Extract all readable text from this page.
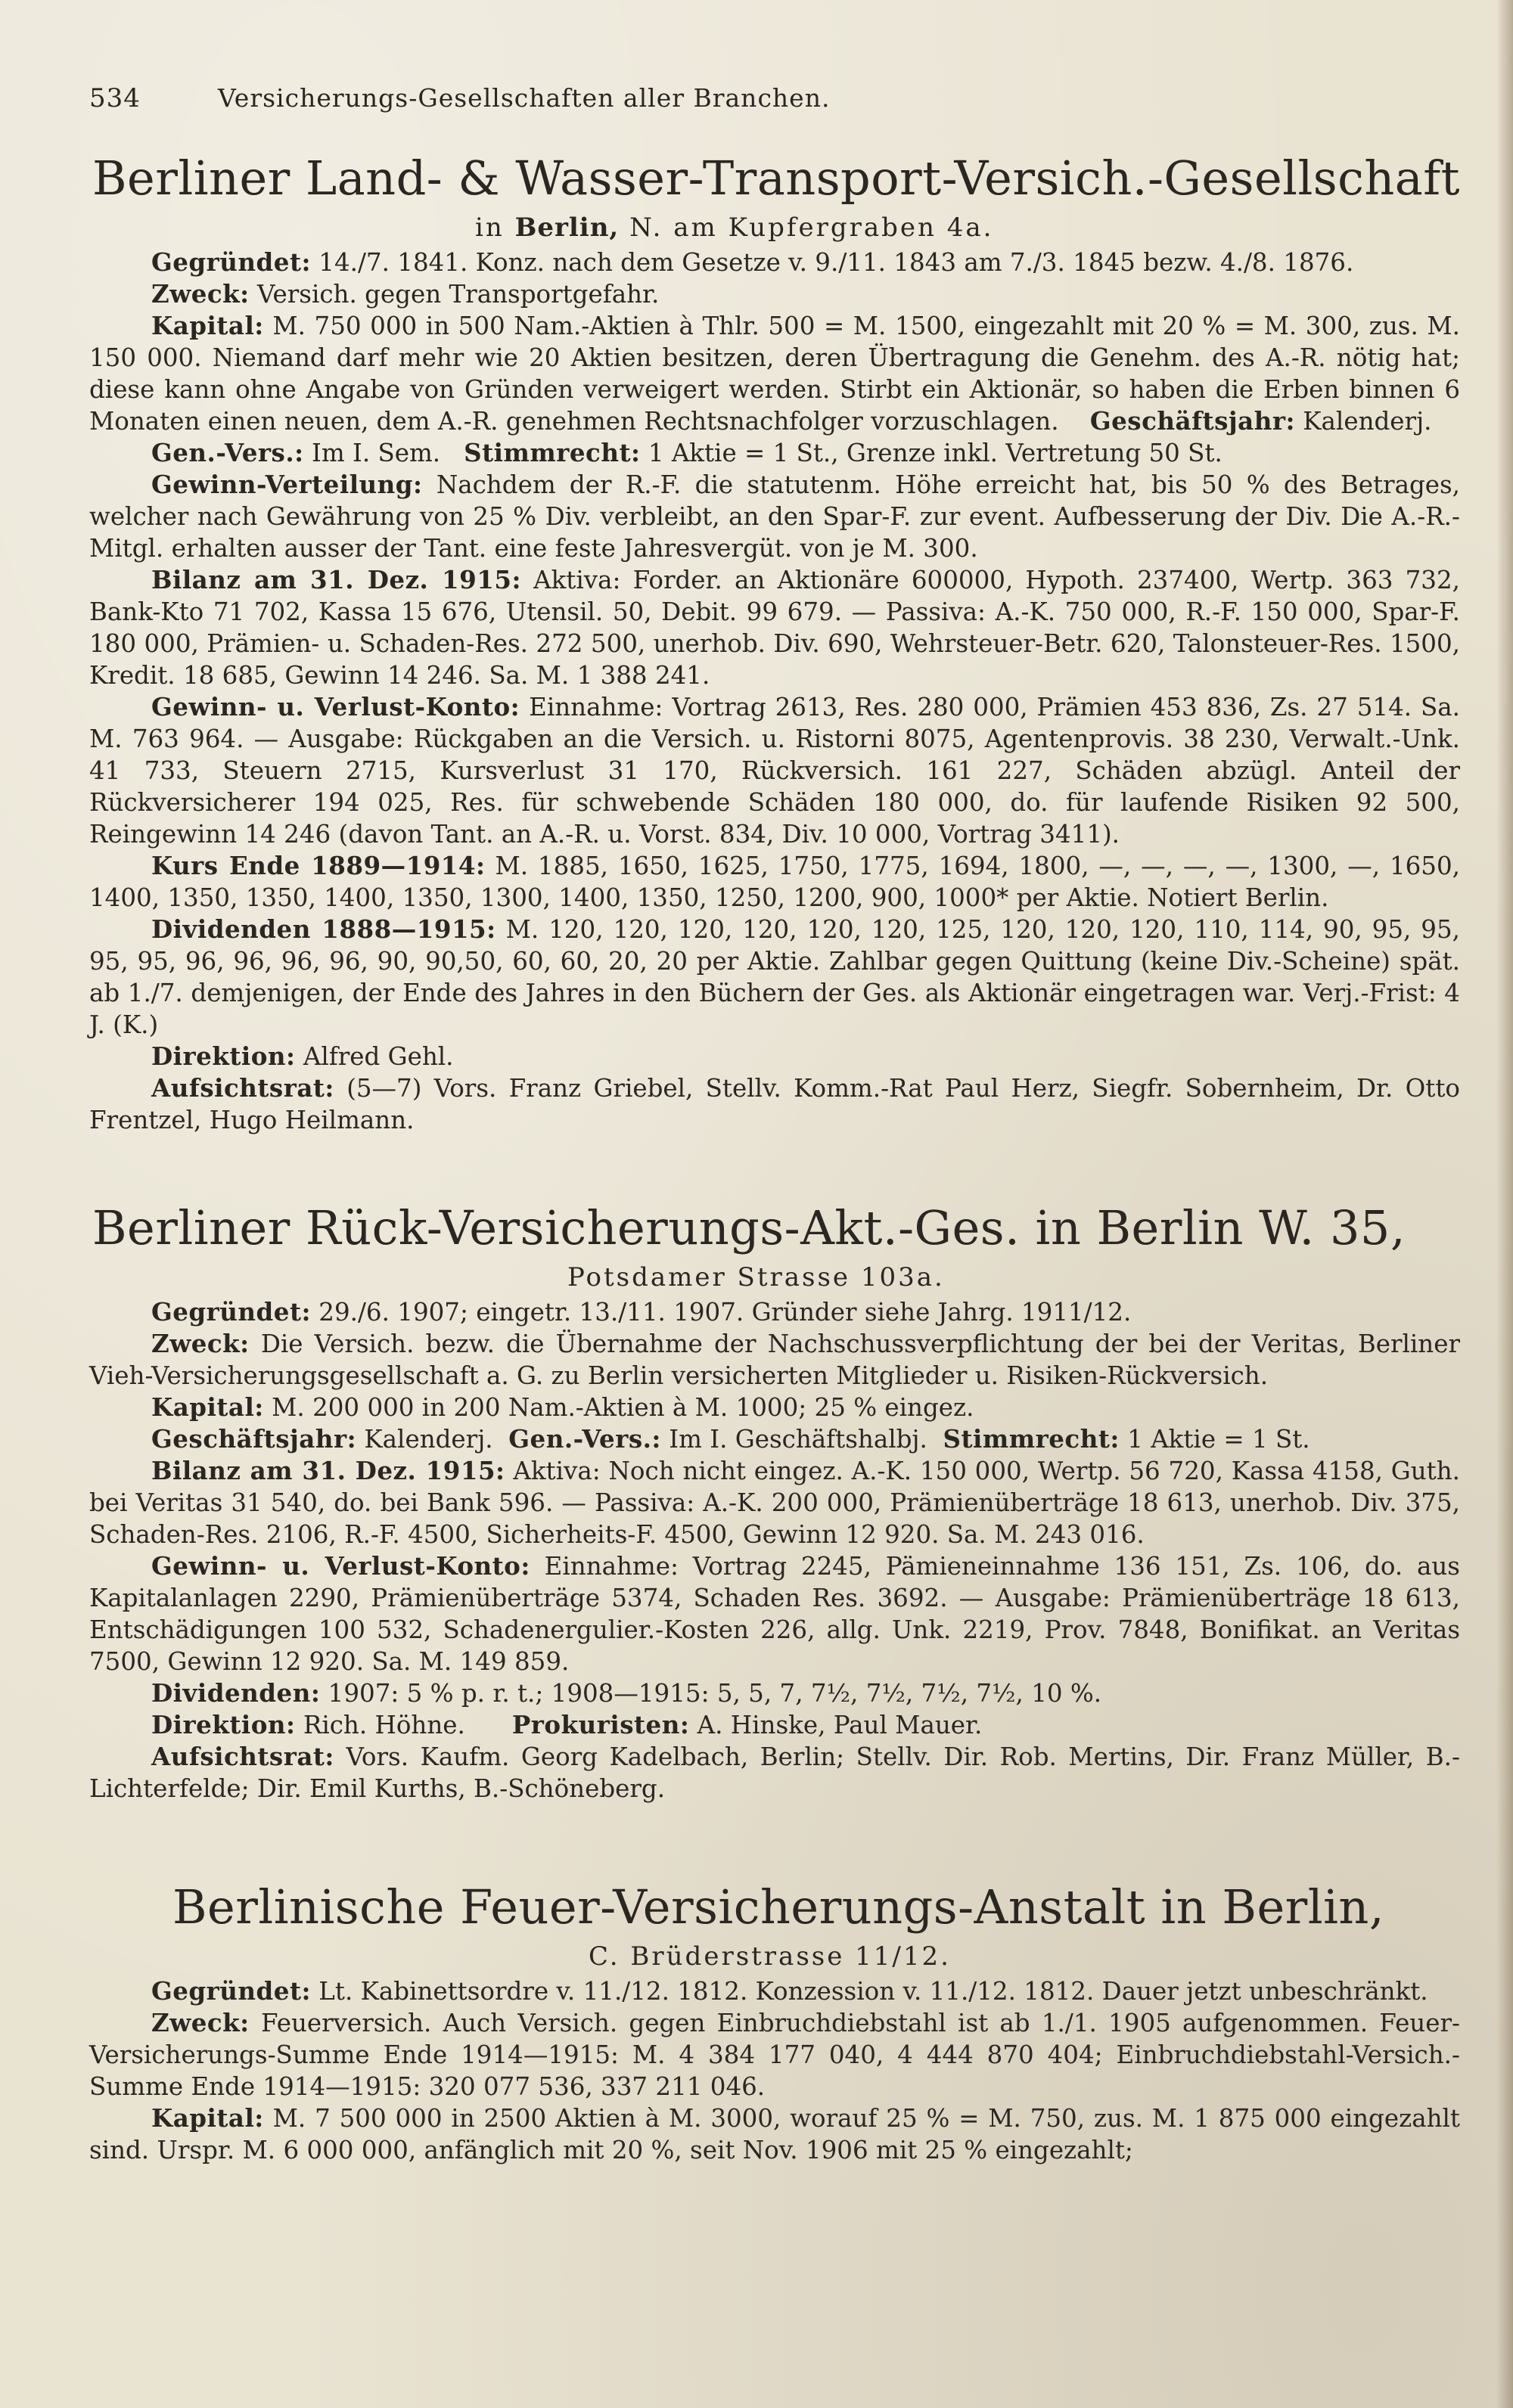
534	Versicherungs-Gesellschaften aller Branchen.
Berliner Land- & Wasser-Transport-Versich.-Gesellschaft
in Berlin, N. am Kupfergraben 4a.

Gegründet: 14./7. 1841. Konz. nach dem Gesetze v. 9./11. 1843 am 7./3. 1845 bezw. 4./8. 1876.

Zweck: Versich. gegen Transportgefahr.

Kapital: M. 750 000 in 500 Nam.-Aktien à Thlr. 500 = M. 1500, eingezahlt mit 20 % = M. 300, zus. M. 150 000. Niemand darf mehr wie 20 Aktien besitzen, deren Übertragung die Genehm. des A.-R. nötig hat; diese kann ohne Angabe von Gründen verweigert werden. Stirbt ein Aktionär, so haben die Erben binnen 6 Monaten einen neuen, dem A.-R. genehmen Rechtsnachfolger vorzuschlagen. Geschäftsjahr: Kalenderj.

Gen.-Vers.: Im I. Sem. Stimmrecht: 1 Aktie = 1 St., Grenze inkl. Vertretung 50 St.

Gewinn-Verteilung: Nachdem der R.-F. die statutenm. Höhe erreicht hat, bis 50 % des Betrages, welcher nach Gewährung von 25 % Div. verbleibt, an den Spar-F. zur event. Aufbesserung der Div. Die A.-R.-Mitgl. erhalten ausser der Tant. eine feste Jahresvergüt. von je M. 300.

Bilanz am 31. Dez. 1915: Aktiva: Forder. an Aktionäre 600000, Hypoth. 237400, Wertp. 363 732, Bank-Kto 71 702, Kassa 15 676, Utensil. 50, Debit. 99 679. — Passiva: A.-K. 750 000, R.-F. 150 000, Spar-F. 180 000, Prämien- u. Schaden-Res. 272 500, unerhob. Div. 690, Wehrsteuer-Betr. 620, Talonsteuer-Res. 1500, Kredit. 18 685, Gewinn 14 246. Sa. M. 1 388 241.

Gewinn- u. Verlust-Konto: Einnahme: Vortrag 2613, Res. 280 000, Prämien 453 836, Zs. 27 514. Sa. M. 763 964. — Ausgabe: Rückgaben an die Versich. u. Ristorni 8075, Agentenprovis. 38 230, Verwalt.-Unk. 41 733, Steuern 2715, Kursverlust 31 170, Rückversich. 161 227, Schäden abzügl. Anteil der Rückversicherer 194 025, Res. für schwebende Schäden 180 000, do. für laufende Risiken 92 500, Reingewinn 14 246 (davon Tant. an A.-R. u. Vorst. 834, Div. 10 000, Vortrag 3411).

Kurs Ende 1889—1914: M. 1885, 1650, 1625, 1750, 1775, 1694, 1800, —, —, —, —, 1300, —, 1650, 1400, 1350, 1350, 1400, 1350, 1300, 1400, 1350, 1250, 1200, 900, 1000* per Aktie. Notiert Berlin.

Dividenden 1888—1915: M. 120, 120, 120, 120, 120, 120, 125, 120, 120, 120, 110, 114, 90, 95, 95, 95, 95, 96, 96, 96, 96, 90, 90,50, 60, 60, 20, 20 per Aktie. Zahlbar gegen Quittung (keine Div.-Scheine) spät. ab 1./7. demjenigen, der Ende des Jahres in den Büchern der Ges. als Aktionär eingetragen war. Verj.-Frist: 4 J. (K.)

Direktion: Alfred Gehl.

Aufsichtsrat: (5—7) Vors. Franz Griebel, Stellv. Komm.-Rat Paul Herz, Siegfr. Sobernheim, Dr. Otto Frentzel, Hugo Heilmann.

Berliner Rück-Versicherungs-Akt.-Ges. in Berlin W. 35,
Potsdamer Strasse 103a.

Gegründet: 29./6. 1907; eingetr. 13./11. 1907. Gründer siehe Jahrg. 1911/12.

Zweck: Die Versich. bezw. die Übernahme der Nachschussverpflichtung der bei der Veritas, Berliner Vieh-Versicherungsgesellschaft a. G. zu Berlin versicherten Mitglieder u. Risiken-Rückversich.

Kapital: M. 200 000 in 200 Nam.-Aktien à M. 1000; 25 % eingez.

Geschäftsjahr: Kalenderj. Gen.-Vers.: Im I. Geschäftshalbj. Stimmrecht: 1 Aktie = 1 St.

Bilanz am 31. Dez. 1915: Aktiva: Noch nicht eingez. A.-K. 150 000, Wertp. 56 720, Kassa 4158, Guth. bei Veritas 31 540, do. bei Bank 596. — Passiva: A.-K. 200 000, Prämienüberträge 18 613, unerhob. Div. 375, Schaden-Res. 2106, R.-F. 4500, Sicherheits-F. 4500, Gewinn 12 920. Sa. M. 243 016.

Gewinn- u. Verlust-Konto: Einnahme: Vortrag 2245, Pämieneinnahme 136 151, Zs. 106, do. aus Kapitalanlagen 2290, Prämienüberträge 5374, Schaden Res. 3692. — Ausgabe: Prämienüberträge 18 613, Entschädigungen 100 532, Schadenergulier.-Kosten 226, allg. Unk. 2219, Prov. 7848, Bonifikat. an Veritas 7500, Gewinn 12 920. Sa. M. 149 859.

Dividenden: 1907: 5 % p. r. t.; 1908—1915: 5, 5, 7, 7½, 7½, 7½, 7½, 10 %.

Direktion: Rich. Höhne. Prokuristen: A. Hinske, Paul Mauer.

Aufsichtsrat: Vors. Kaufm. Georg Kadelbach, Berlin; Stellv. Dir. Rob. Mertins, Dir. Franz Müller, B.-Lichterfelde; Dir. Emil Kurths, B.-Schöneberg.

Berlinische Feuer-Versicherungs-Anstalt in Berlin,
C. Brüderstrasse 11/12.

Gegründet: Lt. Kabinettsordre v. 11./12. 1812. Konzession v. 11./12. 1812. Dauer jetzt unbeschränkt.

Zweck: Feuerversich. Auch Versich. gegen Einbruchdiebstahl ist ab 1./1. 1905 aufgenommen. Feuer-Versicherungs-Summe Ende 1914—1915: M. 4 384 177 040, 4 444 870 404; Einbruchdiebstahl-Versich.-Summe Ende 1914—1915: 320 077 536, 337 211 046.

Kapital: M. 7 500 000 in 2500 Aktien à M. 3000, worauf 25 % = M. 750, zus. M. 1 875 000 eingezahlt sind. Urspr. M. 6 000 000, anfänglich mit 20 %, seit Nov. 1906 mit 25 % eingezahlt;
